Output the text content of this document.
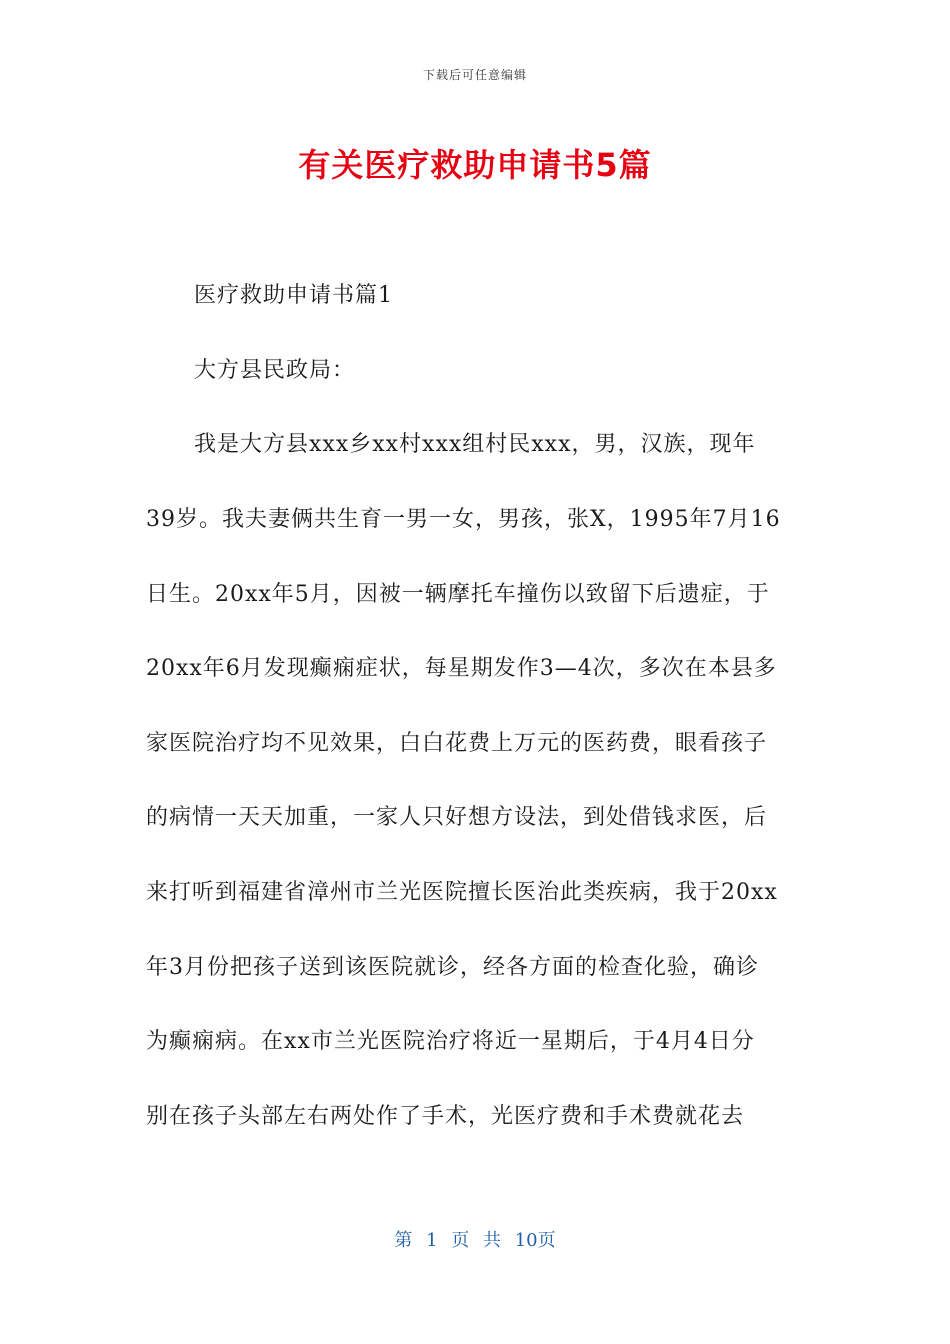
下载后可任意编辑
有关医疗救助申请书5篇
医疗救助申请书篇1
大方县民政局：
我是大方县xxx乡xx村xxx组村民xxx，男，汉族，现年
39岁。我夫妻俩共生育一男一女，男孩，张X，1995年7月16
日生。20xx年5月，因被一辆摩托车撞伤以致留下后遗症，于
20xx年6月发现癫痫症状，每星期发作3—4次，多次在本县多
家医院治疗均不见效果，白白花费上万元的医药费，眼看孩子
的病情一天天加重，一家人只好想方设法，到处借钱求医，后
来打听到福建省漳州市兰光医院擅长医治此类疾病，我于20xx
年3月份把孩子送到该医院就诊，经各方面的检查化验，确诊
为癫痫病。在xx市兰光医院治疗将近一星期后，于4月4日分
别在孩子头部左右两处作了手术，光医疗费和手术费就花去
第 1 页 共 10页
